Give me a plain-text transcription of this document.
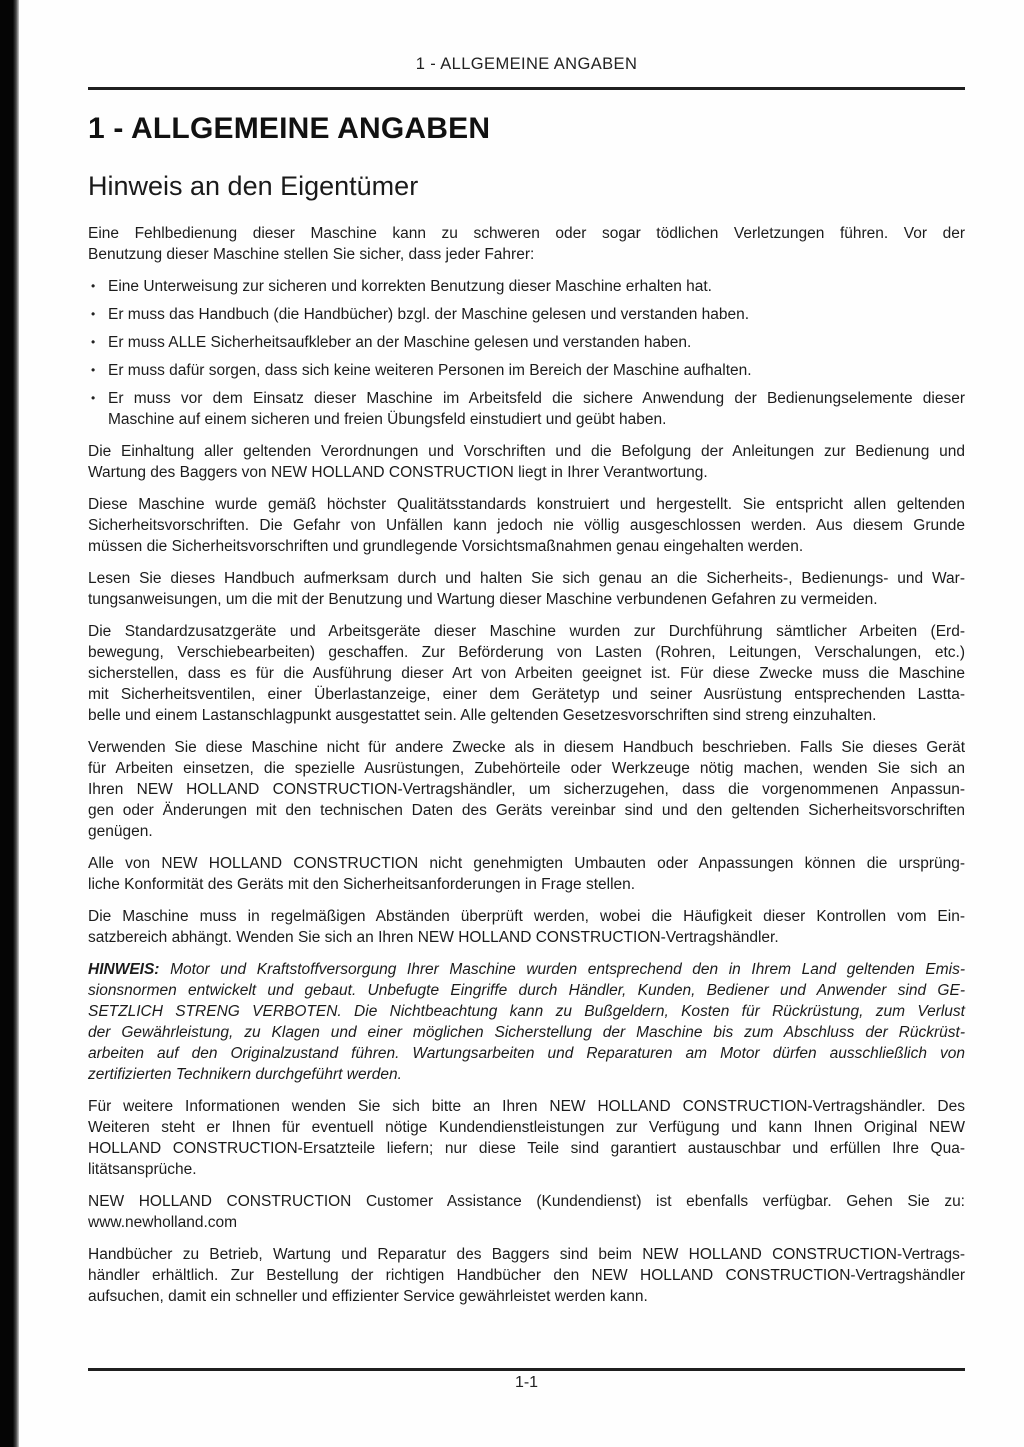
1 - ALLGEMEINE ANGABEN
1 - ALLGEMEINE ANGABEN
Hinweis an den Eigentümer
Eine Fehlbedienung dieser Maschine kann zu schweren oder sogar tödlichen Verletzungen führen. Vor der
Benutzung dieser Maschine stellen Sie sicher, dass jeder Fahrer:
• Eine Unterweisung zur sicheren und korrekten Benutzung dieser Maschine erhalten hat.
• Er muss das Handbuch (die Handbücher) bzgl. der Maschine gelesen und verstanden haben.
• Er muss ALLE Sicherheitsaufkleber an der Maschine gelesen und verstanden haben.
• Er muss dafür sorgen, dass sich keine weiteren Personen im Bereich der Maschine aufhalten.
• Er muss vor dem Einsatz dieser Maschine im Arbeitsfeld die sichere Anwendung der Bedienungselemente dieser
Maschine auf einem sicheren und freien Übungsfeld einstudiert und geübt haben.
Die Einhaltung aller geltenden Verordnungen und Vorschriften und die Befolgung der Anleitungen zur Bedienung und
Wartung des Baggers von NEW HOLLAND CONSTRUCTION liegt in Ihrer Verantwortung.
Diese Maschine wurde gemäß höchster Qualitätsstandards konstruiert und hergestellt. Sie entspricht allen geltenden
Sicherheitsvorschriften. Die Gefahr von Unfällen kann jedoch nie völlig ausgeschlossen werden. Aus diesem Grunde
müssen die Sicherheitsvorschriften und grundlegende Vorsichtsmaßnahmen genau eingehalten werden.
Lesen Sie dieses Handbuch aufmerksam durch und halten Sie sich genau an die Sicherheits-, Bedienungs- und War-
tungsanweisungen, um die mit der Benutzung und Wartung dieser Maschine verbundenen Gefahren zu vermeiden.
Die Standardzusatzgeräte und Arbeitsgeräte dieser Maschine wurden zur Durchführung sämtlicher Arbeiten (Erd-
bewegung, Verschiebearbeiten) geschaffen. Zur Beförderung von Lasten (Rohren, Leitungen, Verschalungen, etc.)
sicherstellen, dass es für die Ausführung dieser Art von Arbeiten geeignet ist. Für diese Zwecke muss die Maschine
mit Sicherheitsventilen, einer Überlastanzeige, einer dem Gerätetyp und seiner Ausrüstung entsprechenden Lastta-
belle und einem Lastanschlagpunkt ausgestattet sein. Alle geltenden Gesetzesvorschriften sind streng einzuhalten.
Verwenden Sie diese Maschine nicht für andere Zwecke als in diesem Handbuch beschrieben. Falls Sie dieses Gerät
für Arbeiten einsetzen, die spezielle Ausrüstungen, Zubehörteile oder Werkzeuge nötig machen, wenden Sie sich an
Ihren NEW HOLLAND CONSTRUCTION-Vertragshändler, um sicherzugehen, dass die vorgenommenen Anpassun-
gen oder Änderungen mit den technischen Daten des Geräts vereinbar sind und den geltenden Sicherheitsvorschriften
genügen.
Alle von NEW HOLLAND CONSTRUCTION nicht genehmigten Umbauten oder Anpassungen können die ursprüng-
liche Konformität des Geräts mit den Sicherheitsanforderungen in Frage stellen.
Die Maschine muss in regelmäßigen Abständen überprüft werden, wobei die Häufigkeit dieser Kontrollen vom Ein-
satzbereich abhängt. Wenden Sie sich an Ihren NEW HOLLAND CONSTRUCTION-Vertragshändler.
HINWEIS: Motor und Kraftstoffversorgung Ihrer Maschine wurden entsprechend den in Ihrem Land geltenden Emis-
sionsnormen entwickelt und gebaut. Unbefugte Eingriffe durch Händler, Kunden, Bediener und Anwender sind GE-
SETZLICH STRENG VERBOTEN. Die Nichtbeachtung kann zu Bußgeldern, Kosten für Rückrüstung, zum Verlust
der Gewährleistung, zu Klagen und einer möglichen Sicherstellung der Maschine bis zum Abschluss der Rückrüst-
arbeiten auf den Originalzustand führen. Wartungsarbeiten und Reparaturen am Motor dürfen ausschließlich von
zertifizierten Technikern durchgeführt werden.
Für weitere Informationen wenden Sie sich bitte an Ihren NEW HOLLAND CONSTRUCTION-Vertragshändler. Des
Weiteren steht er Ihnen für eventuell nötige Kundendienstleistungen zur Verfügung und kann Ihnen Original NEW
HOLLAND CONSTRUCTION-Ersatzteile liefern; nur diese Teile sind garantiert austauschbar und erfüllen Ihre Qua-
litätsansprüche.
NEW HOLLAND CONSTRUCTION Customer Assistance (Kundendienst) ist ebenfalls verfügbar. Gehen Sie zu:
www.newholland.com
Handbücher zu Betrieb, Wartung und Reparatur des Baggers sind beim NEW HOLLAND CONSTRUCTION-Vertrags-
händler erhältlich. Zur Bestellung der richtigen Handbücher den NEW HOLLAND CONSTRUCTION-Vertragshändler
aufsuchen, damit ein schneller und effizienter Service gewährleistet werden kann.
1-1
